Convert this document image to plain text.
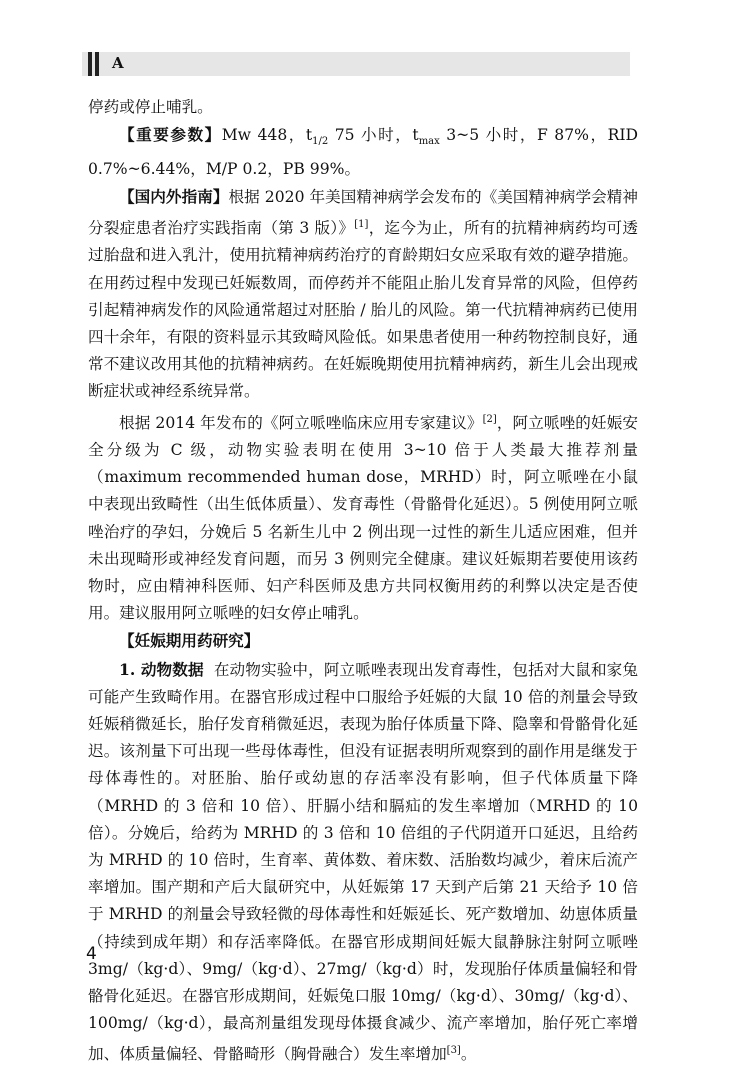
A

停药或停止哺乳。

【重要参数】Mw 448，$t_{1/2}$ 75 小时，$t_{max}$ 3~5 小时，F 87%，RID 0.7%~6.44%，M/P 0.2，PB 99%。

【国内外指南】根据 2020 年美国精神病学会发布的《美国精神病学会精神分裂症患者治疗实践指南（第 3 版）》[1]，迄今为止，所有的抗精神病药均可透过胎盘和进入乳汁，使用抗精神病药治疗的育龄期妇女应采取有效的避孕措施。在用药过程中发现已妊娠数周，而停药并不能阻止胎儿发育异常的风险，但停药引起精神病发作的风险通常超过对胚胎 / 胎儿的风险。第一代抗精神病药已使用四十余年，有限的资料显示其致畸风险低。如果患者使用一种药物控制良好，通常不建议改用其他的抗精神病药。在妊娠晚期使用抗精神病药，新生儿会出现戒断症状或神经系统异常。

根据 2014 年发布的《阿立哌唑临床应用专家建议》[2]，阿立哌唑的妊娠安全分级为 C 级，动物实验表明在使用 3~10 倍于人类最大推荐剂量（maximum recommended human dose，MRHD）时，阿立哌唑在小鼠中表现出致畸性（出生低体质量）、发育毒性（骨骼骨化延迟）。5 例使用阿立哌唑治疗的孕妇，分娩后 5 名新生儿中 2 例出现一过性的新生儿适应困难，但并未出现畸形或神经发育问题，而另 3 例则完全健康。建议妊娠期若要使用该药物时，应由精神科医师、妇产科医师及患方共同权衡用药的利弊以决定是否使用。建议服用阿立哌唑的妇女停止哺乳。

【妊娠期用药研究】

1. 动物数据 在动物实验中，阿立哌唑表现出发育毒性，包括对大鼠和家兔可能产生致畸作用。在器官形成过程中口服给予妊娠的大鼠 10 倍的剂量会导致妊娠稍微延长，胎仔发育稍微延迟，表现为胎仔体质量下降、隐睾和骨骼骨化延迟。该剂量下可出现一些母体毒性，但没有证据表明所观察到的副作用是继发于母体毒性的。对胚胎、胎仔或幼崽的存活率没有影响，但子代体质量下降（MRHD 的 3 倍和 10 倍）、肝膈小结和膈疝的发生率增加（MRHD 的 10 倍）。分娩后，给药为 MRHD 的 3 倍和 10 倍组的子代阴道开口延迟，且给药为 MRHD 的 10 倍时，生育率、黄体数、着床数、活胎数均减少，着床后流产率增加。围产期和产后大鼠研究中，从妊娠第 17 天到产后第 21 天给予 10 倍于 MRHD 的剂量会导致轻微的母体毒性和妊娠延长、死产数增加、幼崽体质量（持续到成年期）和存活率降低。在器官形成期间妊娠大鼠静脉注射阿立哌唑 3mg/（kg·d）、9mg/（kg·d）、27mg/（kg·d）时，发现胎仔体质量偏轻和骨骼骨化延迟。在器官形成期间，妊娠兔口服 10mg/（kg·d）、30mg/（kg·d）、100mg/（kg·d），最高剂量组发现母体摄食减少、流产率增加，胎仔死亡率增加、体质量偏轻、骨骼畸形（胸骨融合）发生率增加[3]。

4
